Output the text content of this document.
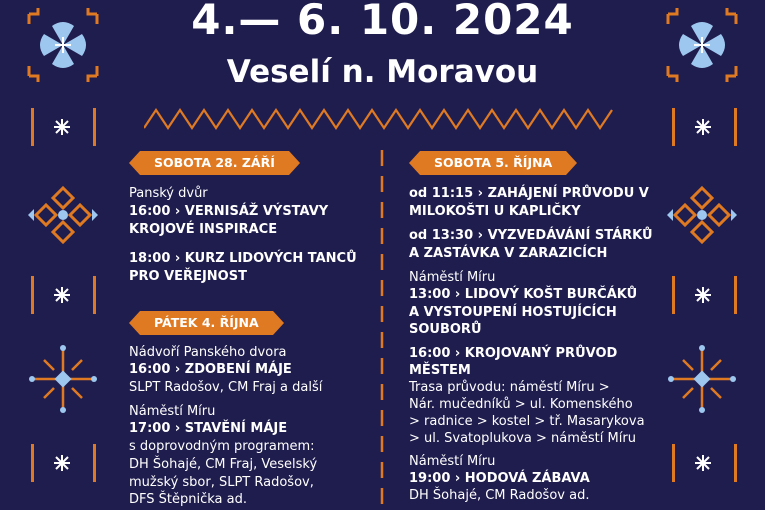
4.— 6. 10. 2024
Veselí n. Moravou
SOBOTA 28. ZÁŘÍ
Panský dvůr
16:00 › VERNISÁŽ VÝSTAVY
KROJOVÉ INSPIRACE
18:00 › KURZ LIDOVÝCH TANCŮ
PRO VEŘEJNOST
PÁTEK 4. ŘÍJNA
Nádvoří Panského dvora
16:00 › ZDOBENÍ MÁJE
SLPT Radošov, CM Fraj a další
Náměstí Míru
17:00 › STAVĚNÍ MÁJE
s doprovodným programem:
DH Šohajé, CM Fraj, Veselský
mužský sbor, SLPT Radošov,
DFS Štěpnička ad.
SOBOTA 5. ŘÍJNA
od 11:15 › ZAHÁJENÍ PRŮVODU V
MILOKOŠTI U KAPLIČKY
od 13:30 › VYZVEDÁVÁNÍ STÁRKŮ
A ZASTÁVKA V ZARAZICÍCH
Náměstí Míru
13:00 › LIDOVÝ KOŠT BURČÁKŮ
A VYSTOUPENÍ HOSTUJÍCÍCH
SOUBORŮ
16:00 › KROJOVANÝ PRŮVOD
MĚSTEM
Trasa průvodu: náměstí Míru >
Nár. mučedníků > ul. Komenského
> radnice > kostel > tř. Masarykova
> ul. Svatoplukova > náměstí Míru
Náměstí Míru
19:00 › HODOVÁ ZÁBAVA
DH Šohajé, CM Radošov ad.
